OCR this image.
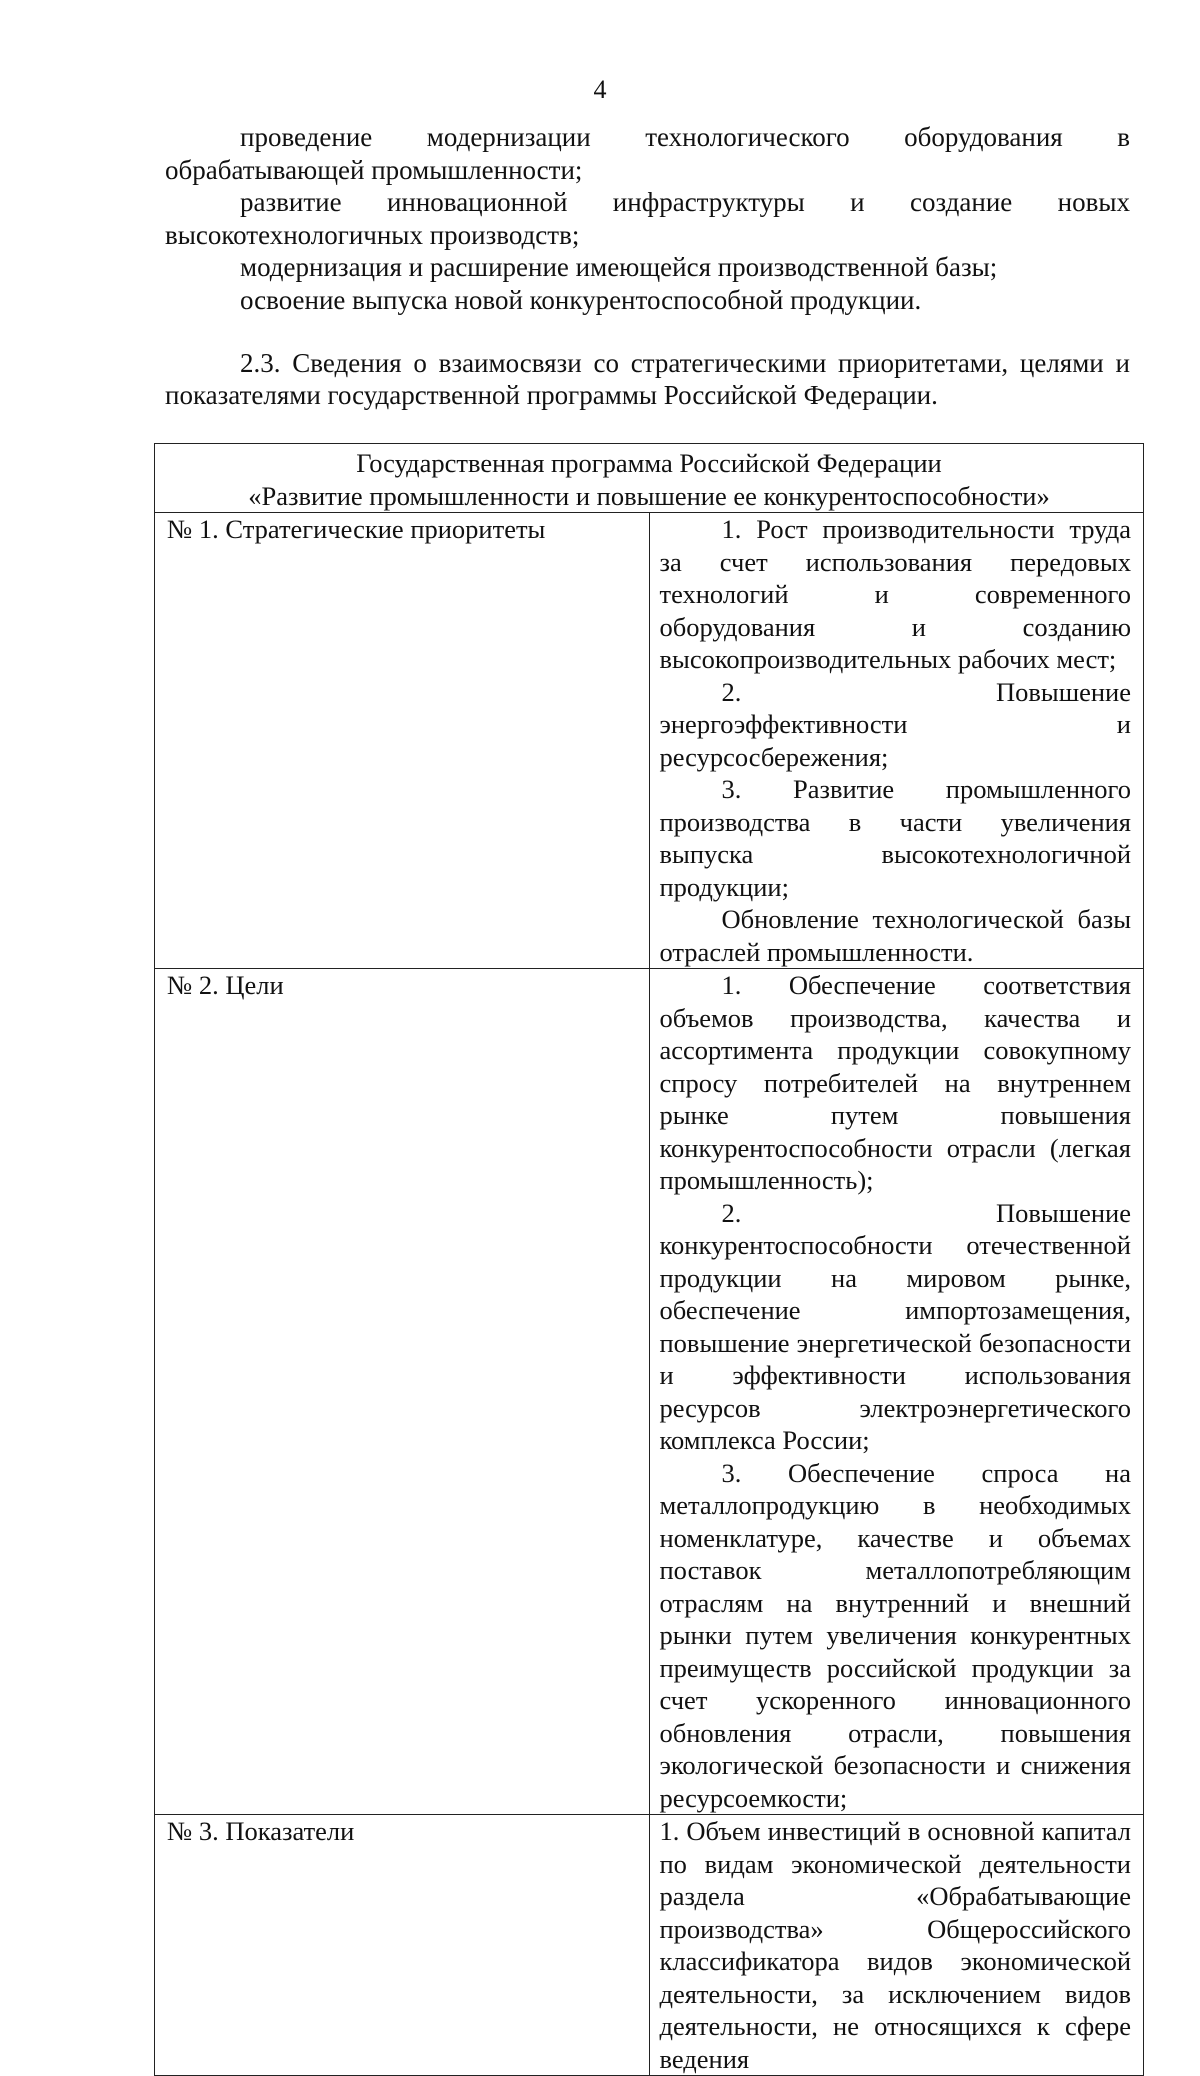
4

проведение модернизации технологического оборудования в обрабатывающей промышленности;

развитие инновационной инфраструктуры и создание новых высокотехнологичных производств;

модернизация и расширение имеющейся производственной базы;

освоение выпуска новой конкурентоспособной продукции.

2.3. Сведения о взаимосвязи со стратегическими приоритетами, целями и показателями государственной программы Российской Федерации.

Государственная программа Российской Федерации
«Развитие промышленности и повышение ее конкурентоспособности»	

№ 1. Стратегические приоритеты	1. Рост производительности труда за счет использования передовых технологий и современного оборудования и созданию высокопроизводительных рабочих мест;

2. Повышение энергоэффективности и ресурсосбережения;

3. Развитие промышленного производства в части увеличения выпуска высокотехнологичной продукции;

Обновление технологической базы отраслей промышленности.

№ 2. Цели	1. Обеспечение соответствия объемов производства, качества и ассортимента продукции совокупному спросу потребителей на внутреннем рынке путем повышения конкурентоспособности отрасли (легкая промышленность);

2. Повышение конкурентоспособности отечественной продукции на мировом рынке, обеспечение импортозамещения, повышение энергетической безопасности и эффективности использования ресурсов электроэнергетического комплекса России;

3. Обеспечение спроса на металлопродукцию в необходимых номенклатуре, качестве и объемах поставок металлопотребляющим отраслям на внутренний и внешний рынки путем увеличения конкурентных преимуществ российской продукции за счет ускоренного инновационного обновления отрасли, повышения экологической безопасности и снижения ресурсоемкости;

№ 3. Показатели	1. Объем инвестиций в основной капитал по видам экономической деятельности раздела «Обрабатывающие производства» Общероссийского классификатора видов экономической деятельности, за исключением видов деятельности, не относящихся к сфере ведения
